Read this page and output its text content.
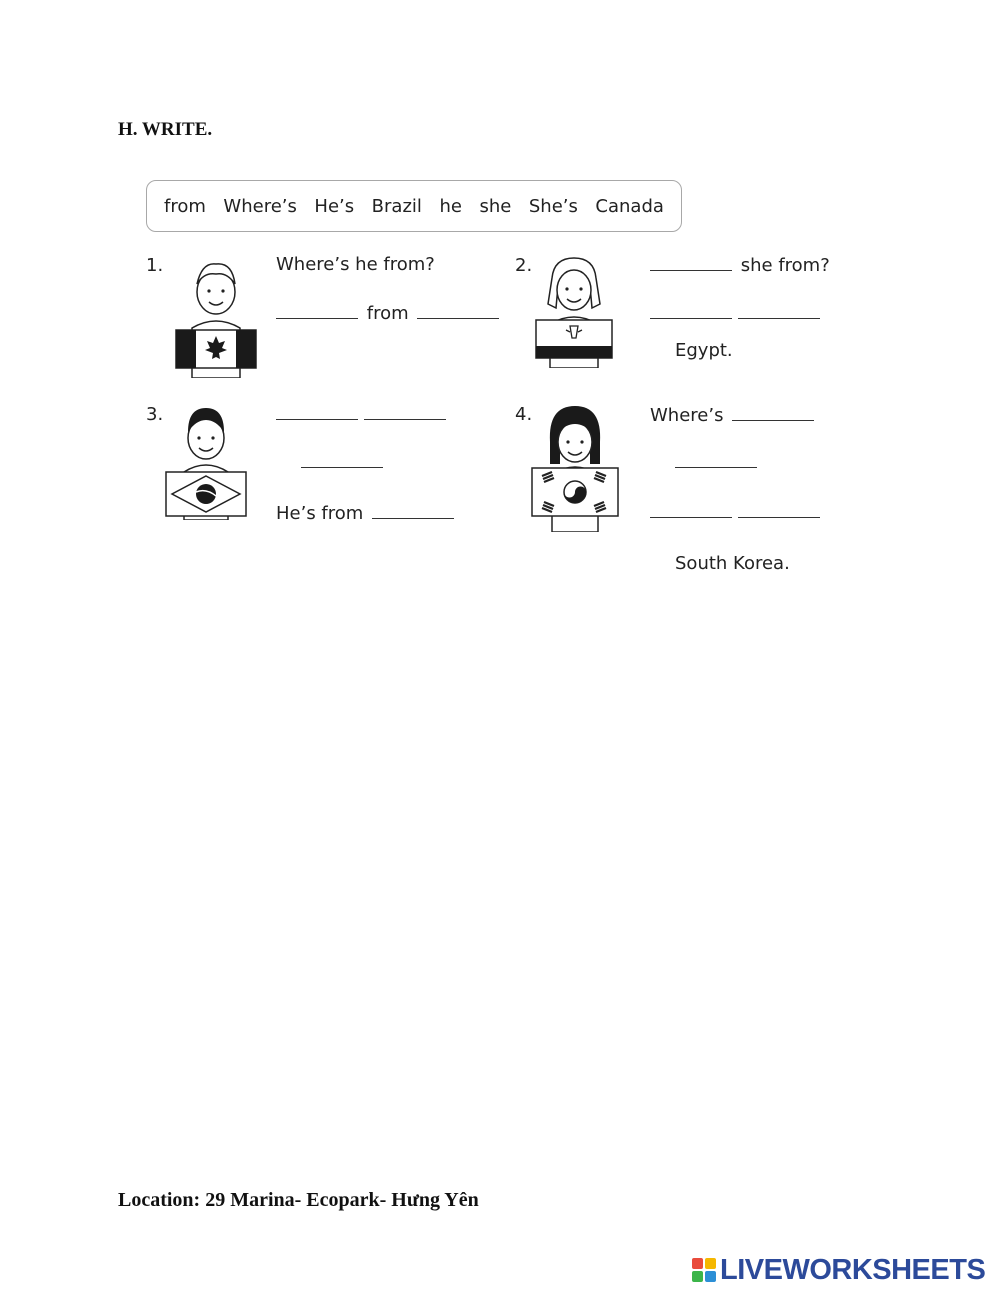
H. WRITE.
from Where’s He’s Brazil he she She’s Canada
1.	Where’s he from?
from
2.	she from?
Egypt.
3.
He’s from
4.	Where’s
South Korea.
Location: 29 Marina- Ecopark- Hưng Yên
LIVEWORKSHEETS
